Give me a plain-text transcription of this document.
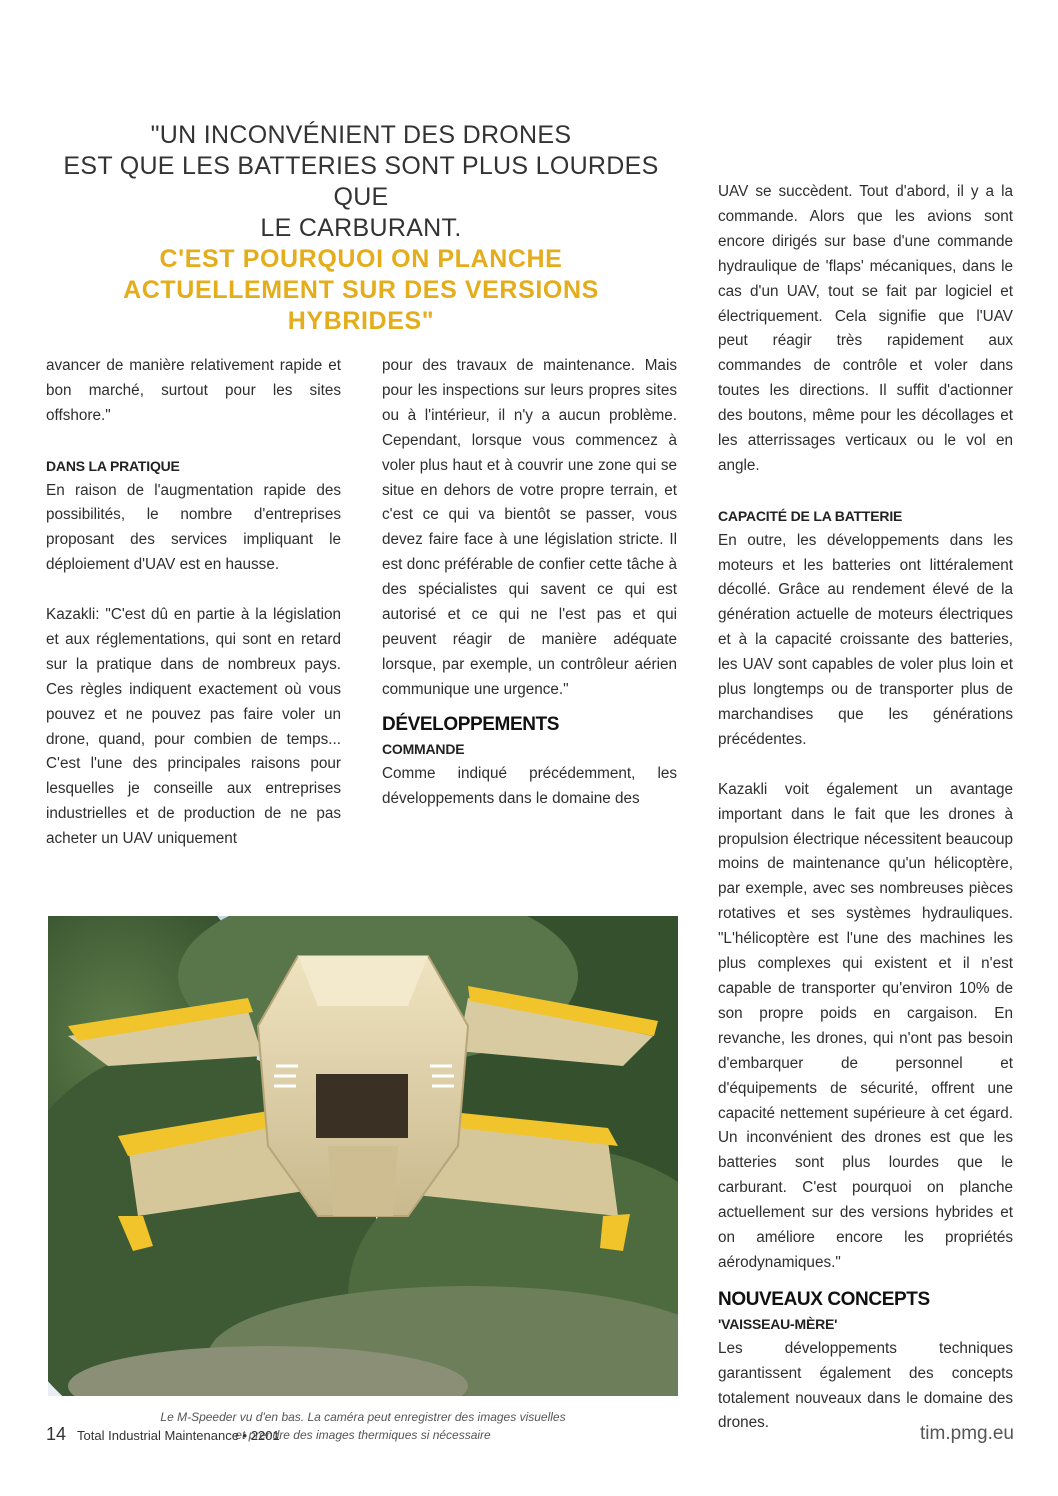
"UN INCONVÉNIENT DES DRONES
EST QUE LES BATTERIES SONT PLUS LOURDES QUE
LE CARBURANT.
C'EST POURQUOI ON PLANCHE
ACTUELLEMENT SUR DES VERSIONS
HYBRIDES"

avancer de manière relativement rapide et bon marché, surtout pour les sites offshore."

DANS LA PRATIQUE

En raison de l'augmentation rapide des possibilités, le nombre d'entreprises proposant des services impliquant le déploiement d'UAV est en hausse.

Kazakli: "C'est dû en partie à la législation et aux réglementations, qui sont en retard sur la pratique dans de nombreux pays. Ces règles indiquent exactement où vous pouvez et ne pouvez pas faire voler un drone, quand, pour combien de temps... C'est l'une des principales raisons pour lesquelles je conseille aux entreprises industrielles et de production de ne pas acheter un UAV uniquement

pour des travaux de maintenance. Mais pour les inspections sur leurs propres sites ou à l'intérieur, il n'y a aucun problème. Cependant, lorsque vous commencez à voler plus haut et à couvrir une zone qui se situe en dehors de votre propre terrain, et c'est ce qui va bientôt se passer, vous devez faire face à une législation stricte. Il est donc préférable de confier cette tâche à des spécialistes qui savent ce qui est autorisé et ce qui ne l'est pas et qui peuvent réagir de manière adéquate lorsque, par exemple, un contrôleur aérien communique une urgence."

DÉVELOPPEMENTS
COMMANDE

Comme indiqué précédemment, les développements dans le domaine des

UAV se succèdent. Tout d'abord, il y a la commande. Alors que les avions sont encore dirigés sur base d'une commande hydraulique de 'flaps' mécaniques, dans le cas d'un UAV, tout se fait par logiciel et électriquement. Cela signifie que l'UAV peut réagir très rapidement aux commandes de contrôle et voler dans toutes les directions. Il suffit d'actionner des boutons, même pour les décollages et les atterrissages verticaux ou le vol en angle.

CAPACITÉ DE LA BATTERIE

En outre, les développements dans les moteurs et les batteries ont littéralement décollé. Grâce au rendement élevé de la génération actuelle de moteurs électriques et à la capacité croissante des batteries, les UAV sont capables de voler plus loin et plus longtemps ou de transporter plus de marchandises que les générations précédentes.

Kazakli voit également un avantage important dans le fait que les drones à propulsion électrique nécessitent beaucoup moins de maintenance qu'un hélicoptère, par exemple, avec ses nombreuses pièces rotatives et ses systèmes hydrauliques. "L'hélicoptère est l'une des machines les plus complexes qui existent et il n'est capable de transporter qu'environ 10% de son propre poids en cargaison. En revanche, les drones, qui n'ont pas besoin d'embarquer de personnel et d'équipements de sécurité, offrent une capacité nettement supérieure à cet égard. Un inconvénient des drones est que les batteries sont plus lourdes que le carburant. C'est pourquoi on planche actuellement sur des versions hybrides et on améliore encore les propriétés aérodynamiques."

NOUVEAUX CONCEPTS
'VAISSEAU-MÈRE'

Les développements techniques garantissent également des concepts totalement nouveaux dans le domaine des drones.

Le M-Speeder vu d'en bas. La caméra peut enregistrer des images visuelles
et prendre des images thermiques si nécessaire
14 Total Industrial Maintenance • 2201	tim.pmg.eu
